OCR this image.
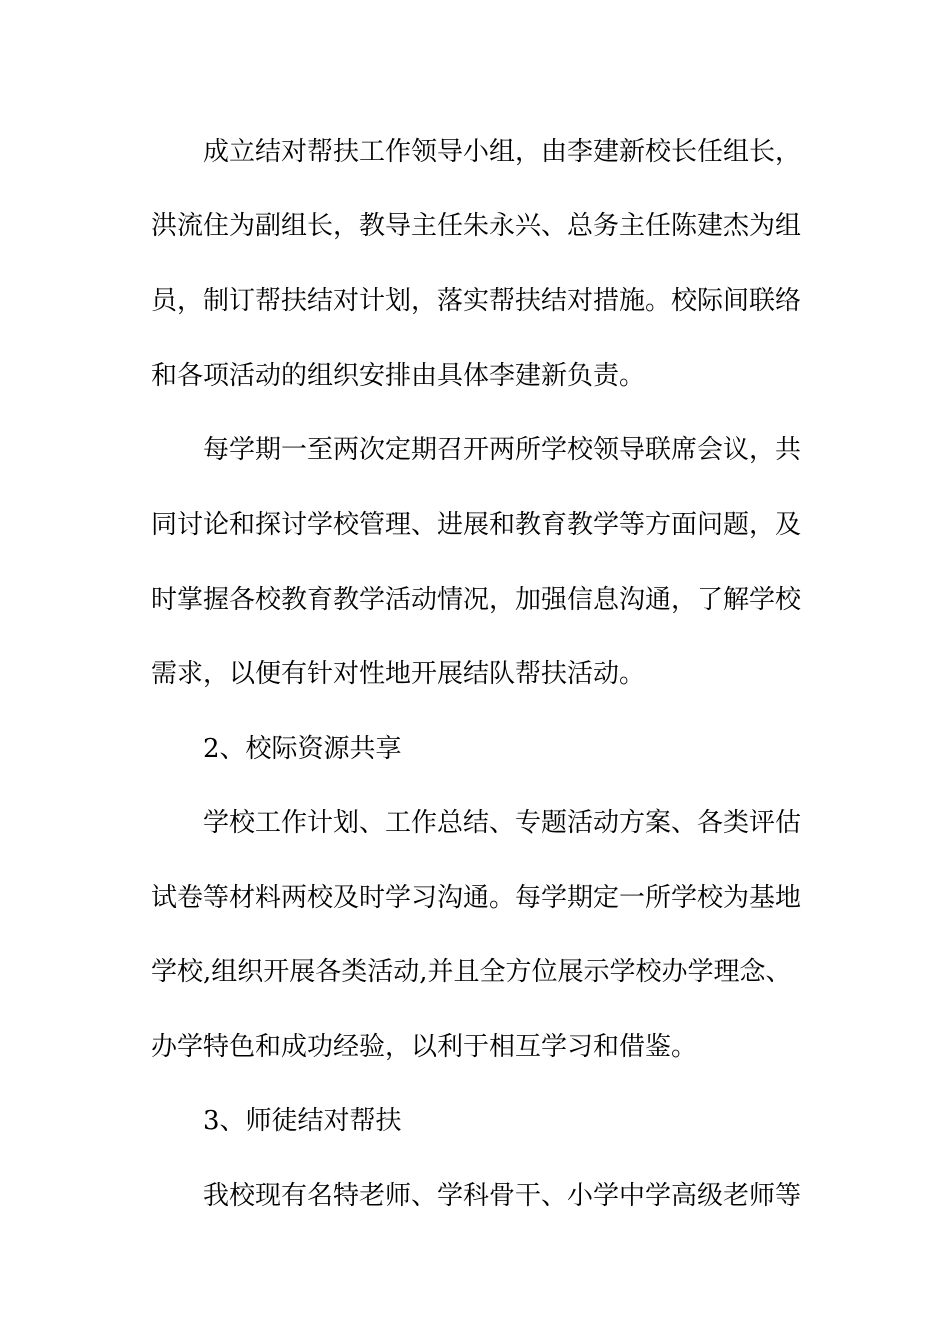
成立结对帮扶工作领导小组，由李建新校长任组长，
洪流住为副组长，教导主任朱永兴、总务主任陈建杰为组
员，制订帮扶结对计划，落实帮扶结对措施。校际间联络
和各项活动的组织安排由具体李建新负责。
每学期一至两次定期召开两所学校领导联席会议，共
同讨论和探讨学校管理、进展和教育教学等方面问题，及
时掌握各校教育教学活动情况，加强信息沟通，了解学校
需求，以便有针对性地开展结队帮扶活动。
2、校际资源共享
学校工作计划、工作总结、专题活动方案、各类评估
试卷等材料两校及时学习沟通。每学期定一所学校为基地
学校,组织开展各类活动,并且全方位展示学校办学理念、
办学特色和成功经验，以利于相互学习和借鉴。
3、师徒结对帮扶
我校现有名特老师、学科骨干、小学中学高级老师等
